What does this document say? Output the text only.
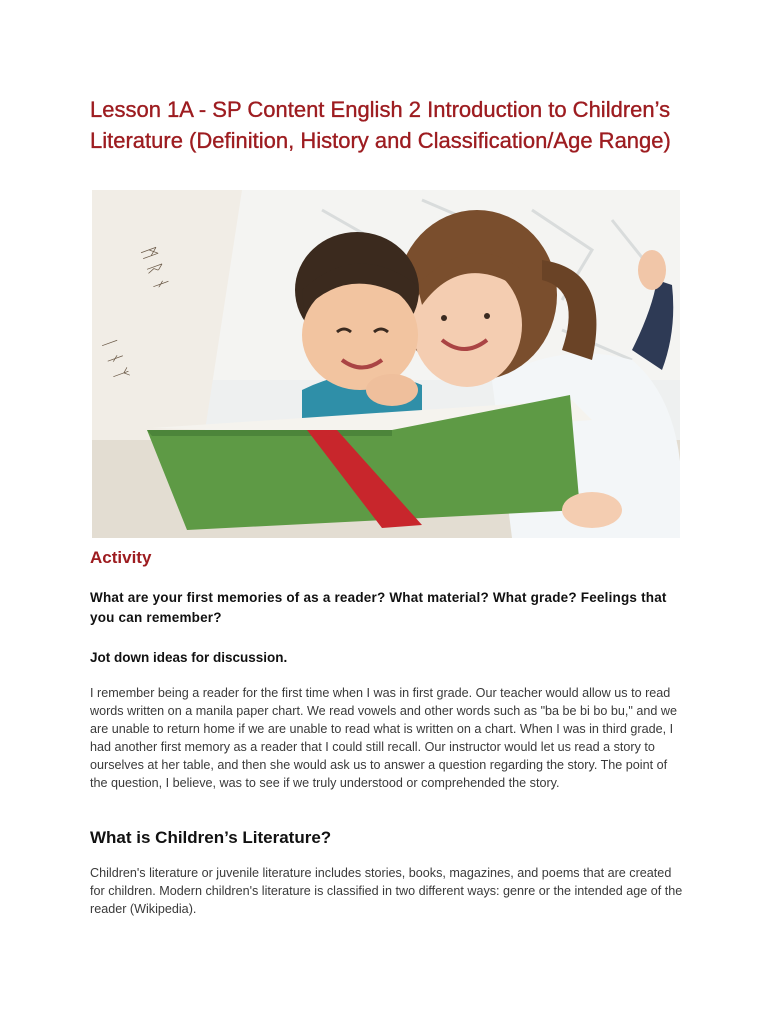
Lesson 1A - SP Content English 2 Introduction to Children’s Literature (Definition, History and Classification/Age Range)
ᛗ ᚱ ᚾ
ᛁ ᚾ ᛉ
Activity

What are your first memories of as a reader? What material? What grade? Feelings that you can remember?

Jot down ideas for discussion.

I remember being a reader for the first time when I was in first grade. Our teacher would allow us to read words written on a manila paper chart. We read vowels and other words such as "ba be bi bo bu," and we are unable to return home if we are unable to read what is written on a chart. When I was in third grade, I had another first memory as a reader that I could still recall. Our instructor would let us read a story to ourselves at her table, and then she would ask us to answer a question regarding the story. The point of the question, I believe, was to see if we truly understood or comprehended the story.

What is Children’s Literature?

Children's literature or juvenile literature includes stories, books, magazines, and poems that are created for children. Modern children's literature is classified in two different ways: genre or the intended age of the reader (Wikipedia).
